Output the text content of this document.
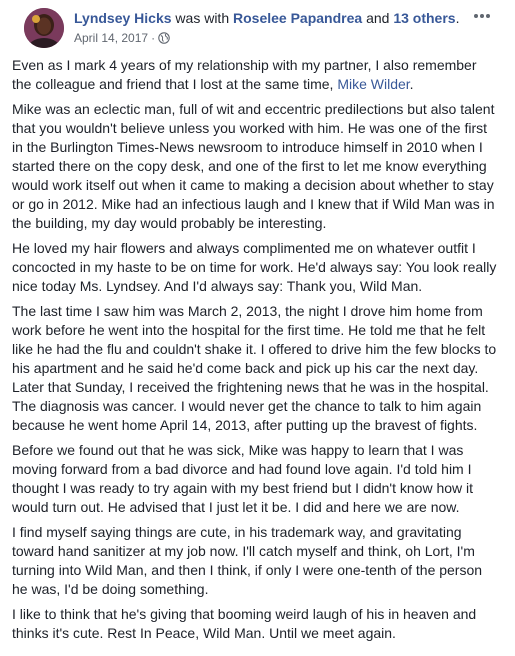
Lyndsey Hicks was with Roselee Papandrea and 13 others.
April 14, 2017 ·

Even as I mark 4 years of my relationship with my partner, I also remember the colleague and friend that I lost at the same time, Mike Wilder.

Mike was an eclectic man, full of wit and eccentric predilections but also talent that you wouldn't believe unless you worked with him. He was one of the first in the Burlington Times-News newsroom to introduce himself in 2010 when I started there on the copy desk, and one of the first to let me know everything would work itself out when it came to making a decision about whether to stay or go in 2012. Mike had an infectious laugh and I knew that if Wild Man was in the building, my day would probably be interesting.

He loved my hair flowers and always complimented me on whatever outfit I concocted in my haste to be on time for work. He'd always say: You look really nice today Ms. Lyndsey. And I'd always say: Thank you, Wild Man.

The last time I saw him was March 2, 2013, the night I drove him home from work before he went into the hospital for the first time. He told me that he felt like he had the flu and couldn't shake it. I offered to drive him the few blocks to his apartment and he said he'd come back and pick up his car the next day. Later that Sunday, I received the frightening news that he was in the hospital. The diagnosis was cancer. I would never get the chance to talk to him again because he went home April 14, 2013, after putting up the bravest of fights.

Before we found out that he was sick, Mike was happy to learn that I was moving forward from a bad divorce and had found love again. I'd told him I thought I was ready to try again with my best friend but I didn't know how it would turn out. He advised that I just let it be. I did and here we are now.

I find myself saying things are cute, in his trademark way, and gravitating toward hand sanitizer at my job now. I'll catch myself and think, oh Lort, I'm turning into Wild Man, and then I think, if only I were one-tenth of the person he was, I'd be doing something.

I like to think that he's giving that booming weird laugh of his in heaven and thinks it's cute. Rest In Peace, Wild Man. Until we meet again.
